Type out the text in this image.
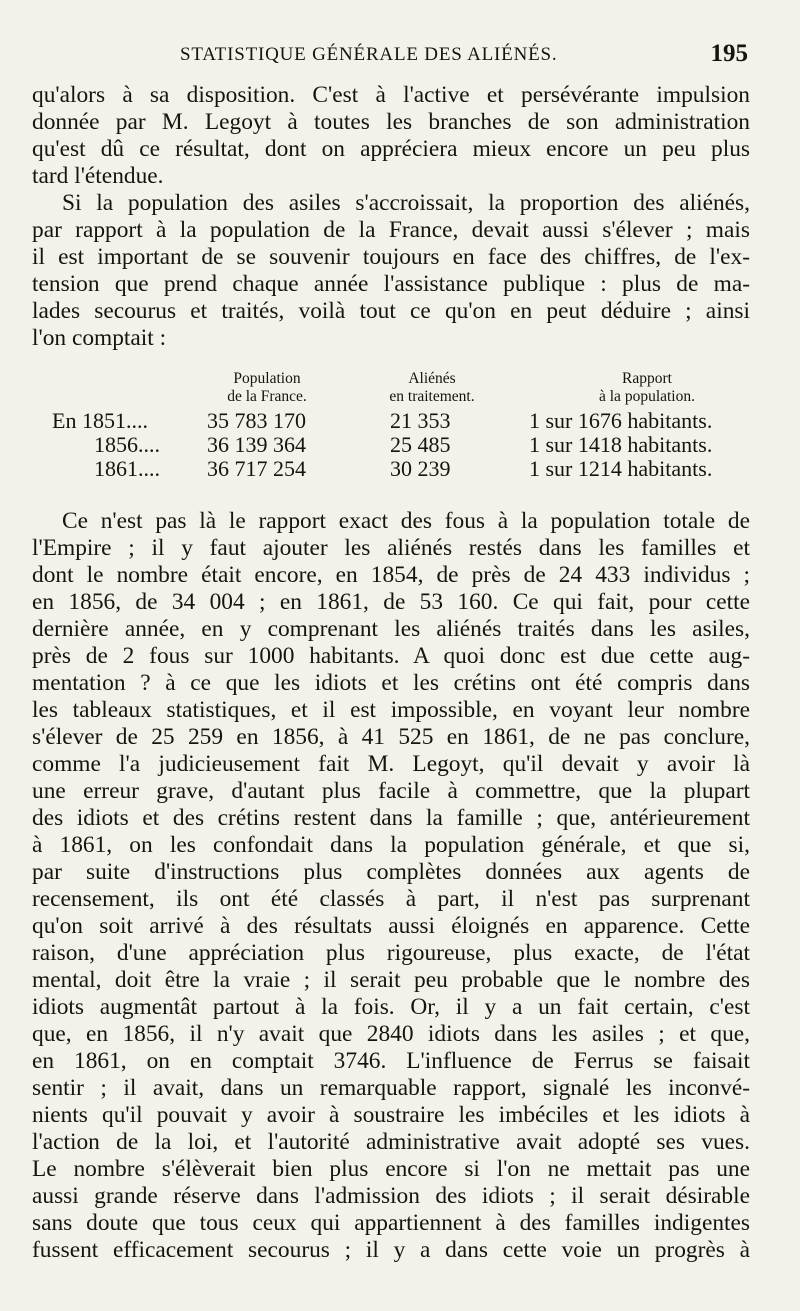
STATISTIQUE GÉNÉRALE DES ALIÉNÉS.	195
qu'alors à sa disposition. C'est à l'active et persévérante impulsion
donnée par M. Legoyt à toutes les branches de son administration
qu'est dû ce résultat, dont on appréciera mieux encore un peu plus
tard l'étendue.
Si la population des asiles s'accroissait, la proportion des aliénés,
par rapport à la population de la France, devait aussi s'élever ; mais
il est important de se souvenir toujours en face des chiffres, de l'ex-
tension que prend chaque année l'assistance publique : plus de ma-
lades secourus et traités, voilà tout ce qu'on en peut déduire ; ainsi
l'on comptait :
Population
de la France.
Aliénés
en traitement.
Rapport
à la population.
En 1851....	35 783 170	21 353	1 sur 1676 habitants.
1856.... 36 139 364	25 485	1 sur 1418 habitants.
1861.... 36 717 254	30 239	1 sur 1214 habitants.
Ce n'est pas là le rapport exact des fous à la population totale de
l'Empire ; il y faut ajouter les aliénés restés dans les familles et
dont le nombre était encore, en 1854, de près de 24 433 individus ;
en 1856, de 34 004 ; en 1861, de 53 160. Ce qui fait, pour cette
dernière année, en y comprenant les aliénés traités dans les asiles,
près de 2 fous sur 1000 habitants. A quoi donc est due cette aug-
mentation ? à ce que les idiots et les crétins ont été compris dans
les tableaux statistiques, et il est impossible, en voyant leur nombre
s'élever de 25 259 en 1856, à 41 525 en 1861, de ne pas conclure,
comme l'a judicieusement fait M. Legoyt, qu'il devait y avoir là
une erreur grave, d'autant plus facile à commettre, que la plupart
des idiots et des crétins restent dans la famille ; que, antérieurement
à 1861, on les confondait dans la population générale, et que si,
par suite d'instructions plus complètes données aux agents de
recensement, ils ont été classés à part, il n'est pas surprenant
qu'on soit arrivé à des résultats aussi éloignés en apparence. Cette
raison, d'une appréciation plus rigoureuse, plus exacte, de l'état
mental, doit être la vraie ; il serait peu probable que le nombre des
idiots augmentât partout à la fois. Or, il y a un fait certain, c'est
que, en 1856, il n'y avait que 2840 idiots dans les asiles ; et que,
en 1861, on en comptait 3746. L'influence de Ferrus se faisait
sentir ; il avait, dans un remarquable rapport, signalé les inconvé-
nients qu'il pouvait y avoir à soustraire les imbéciles et les idiots à
l'action de la loi, et l'autorité administrative avait adopté ses vues.
Le nombre s'élèverait bien plus encore si l'on ne mettait pas une
aussi grande réserve dans l'admission des idiots ; il serait désirable
sans doute que tous ceux qui appartiennent à des familles indigentes
fussent efficacement secourus ; il y a dans cette voie un progrès à
